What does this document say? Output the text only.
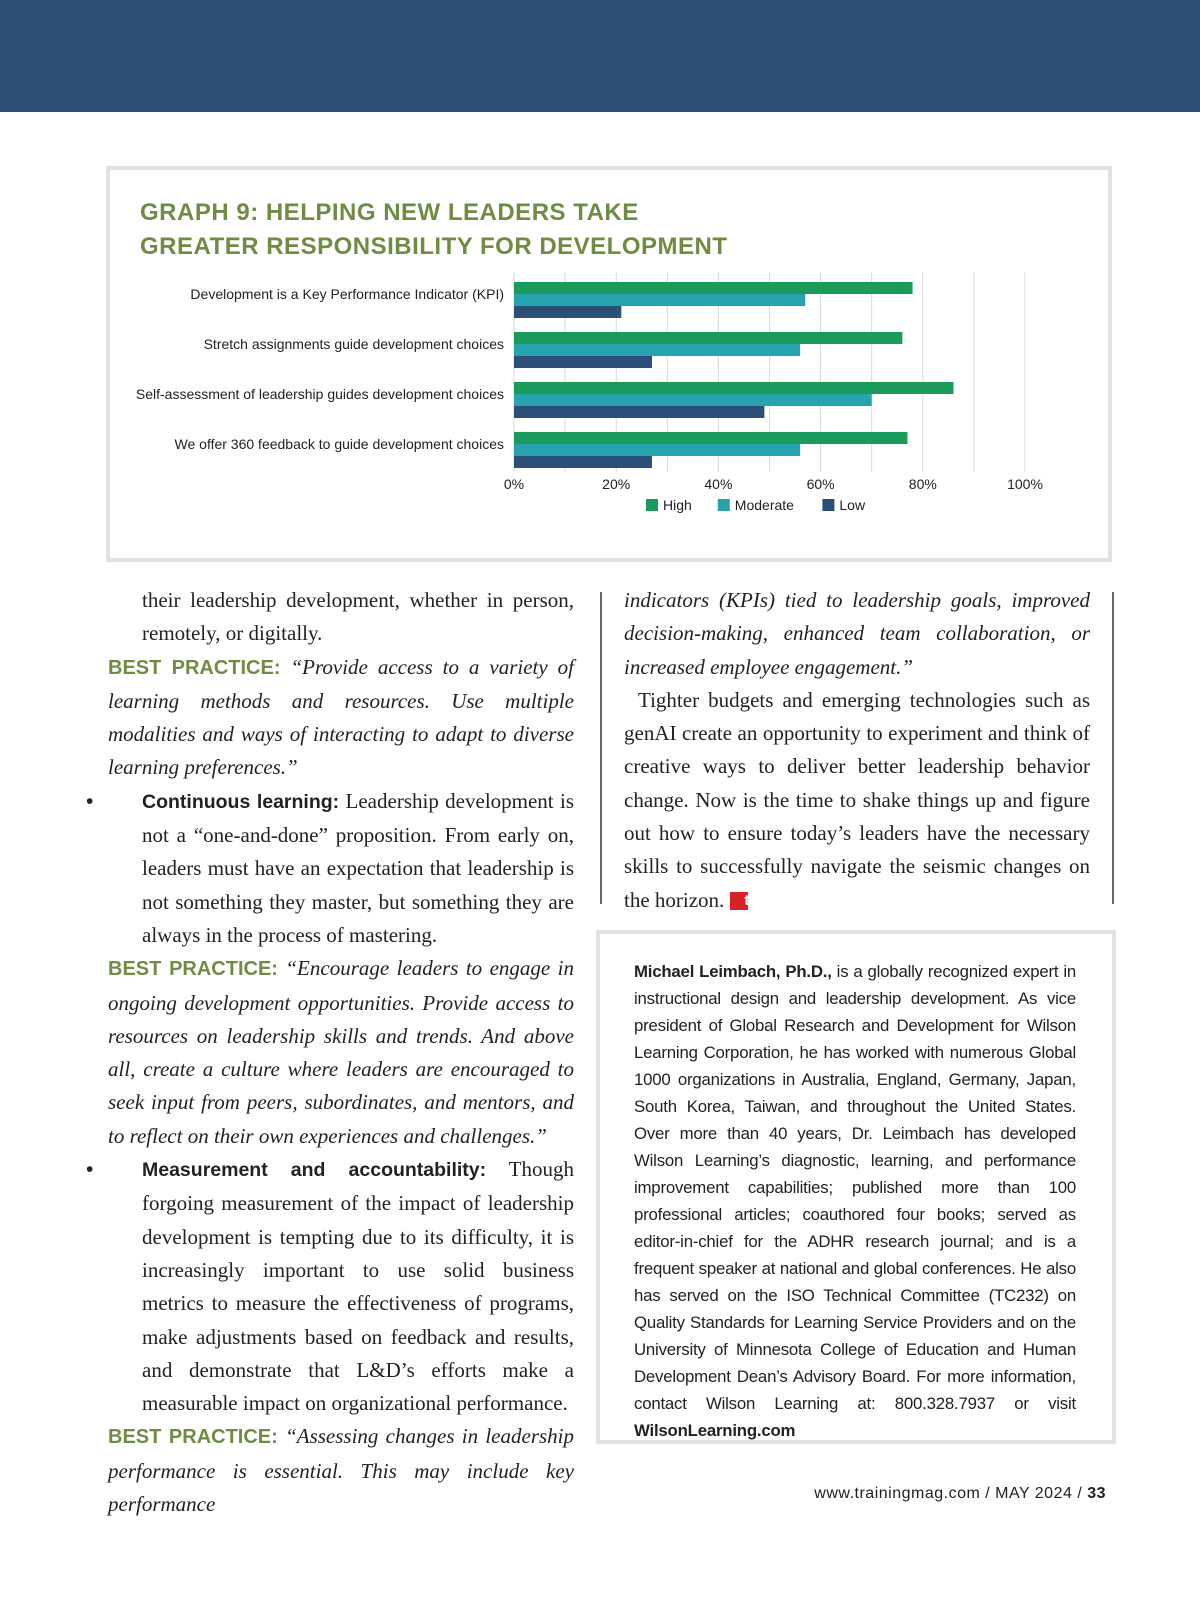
GRAPH 9: HELPING NEW LEADERS TAKE
GREATER RESPONSIBILITY FOR DEVELOPMENT
Development is a Key Performance Indicator (KPI)
Stretch assignments guide development choices
Self-assessment of leadership guides development choices
We offer 360 feedback to guide development choices
0%	20%	40%	60%	80%	100%
High	Moderate	Low

their leadership development, whether in person, remotely, or digitally.

BEST PRACTICE: “Provide access to a variety of learning methods and resources. Use multiple modalities and ways of interacting to adapt to diverse learning preferences.”

• Continuous learning: Leadership development is not a “one-and-done” proposition. From early on, leaders must have an expectation that leadership is not something they master, but something they are always in the process of mastering.

BEST PRACTICE: “Encourage leaders to engage in ongoing development opportunities. Provide access to resources on leadership skills and trends. And above all, create a culture where leaders are encouraged to seek input from peers, subordinates, and mentors, and to reflect on their own experiences and challenges.”

• Measurement and accountability: Though forgoing measurement of the impact of leadership development is tempting due to its difficulty, it is increasingly important to use solid business metrics to measure the effectiveness of programs, make adjustments based on feedback and results, and demonstrate that L&D’s efforts make a measurable impact on organizational performance.

BEST PRACTICE: “Assessing changes in leadership performance is essential. This may include key performance

indicators (KPIs) tied to leadership goals, improved decision-making, enhanced team collaboration, or increased employee engagement.”

Tighter budgets and emerging technologies such as genAI create an opportunity to experiment and think of creative ways to deliver better leadership behavior change. Now is the time to shake things up and figure out how to ensure today’s leaders have the necessary skills to successfully navigate the seismic changes on the horizon. t

Michael Leimbach, Ph.D., is a globally recognized expert in instructional design and leadership development. As vice president of Global Research and Development for Wilson Learning Corporation, he has worked with numerous Global 1000 organizations in Australia, England, Germany, Japan, South Korea, Taiwan, and throughout the United States. Over more than 40 years, Dr. Leimbach has developed Wilson Learning’s diagnostic, learning, and performance improvement capabilities; published more than 100 professional articles; coauthored four books; served as editor-in-chief for the ADHR research journal; and is a frequent speaker at national and global conferences. He also has served on the ISO Technical Committee (TC232) on Quality Standards for Learning Service Providers and on the University of Minnesota College of Education and Human Development Dean’s Advisory Board. For more information, contact Wilson Learning at: 800.328.7937 or visit WilsonLearning.com

www.trainingmag.com / MAY 2024 / 33
